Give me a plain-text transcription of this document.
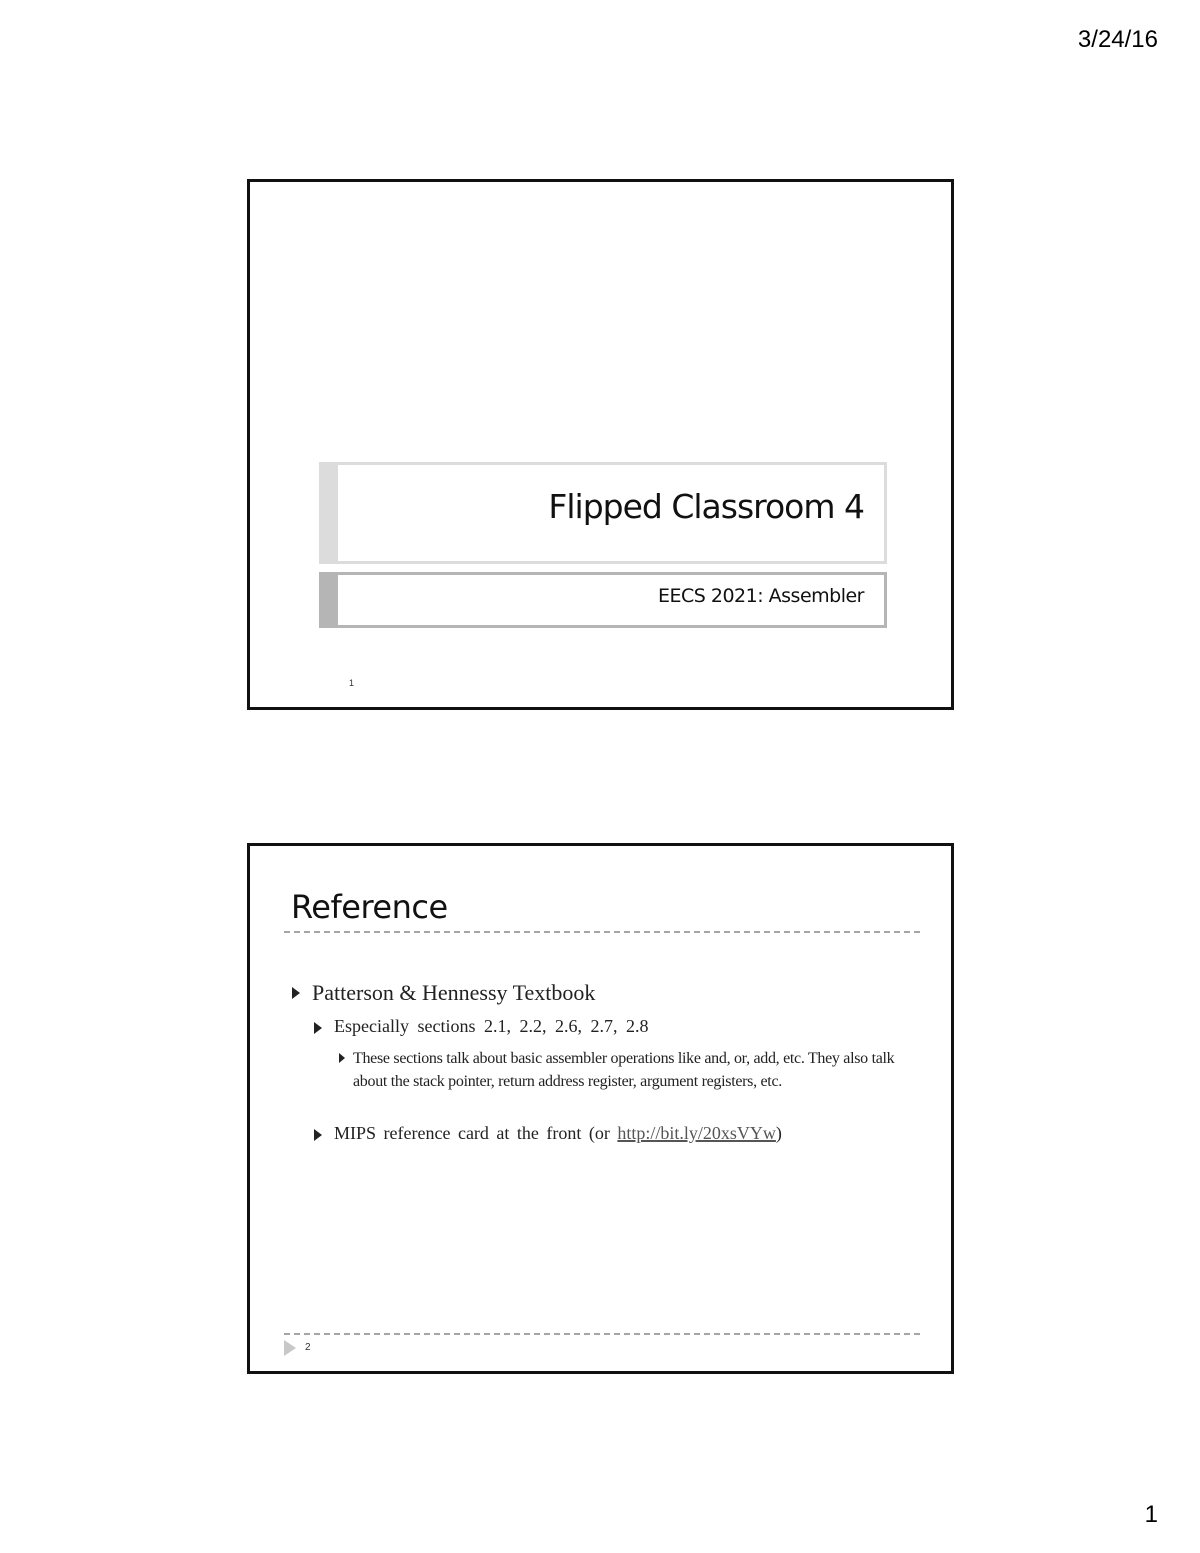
3/24/16
Flipped Classroom 4
EECS 2021: Assembler
1
Reference
Patterson & Hennessy Textbook
Especially sections 2.1, 2.2, 2.6, 2.7, 2.8
These sections talk about basic assembler operations like and, or, add, etc. They also talk about the stack pointer, return address register, argument registers, etc.
MIPS reference card at the front (or http://bit.ly/20xsVYw)
2
1
